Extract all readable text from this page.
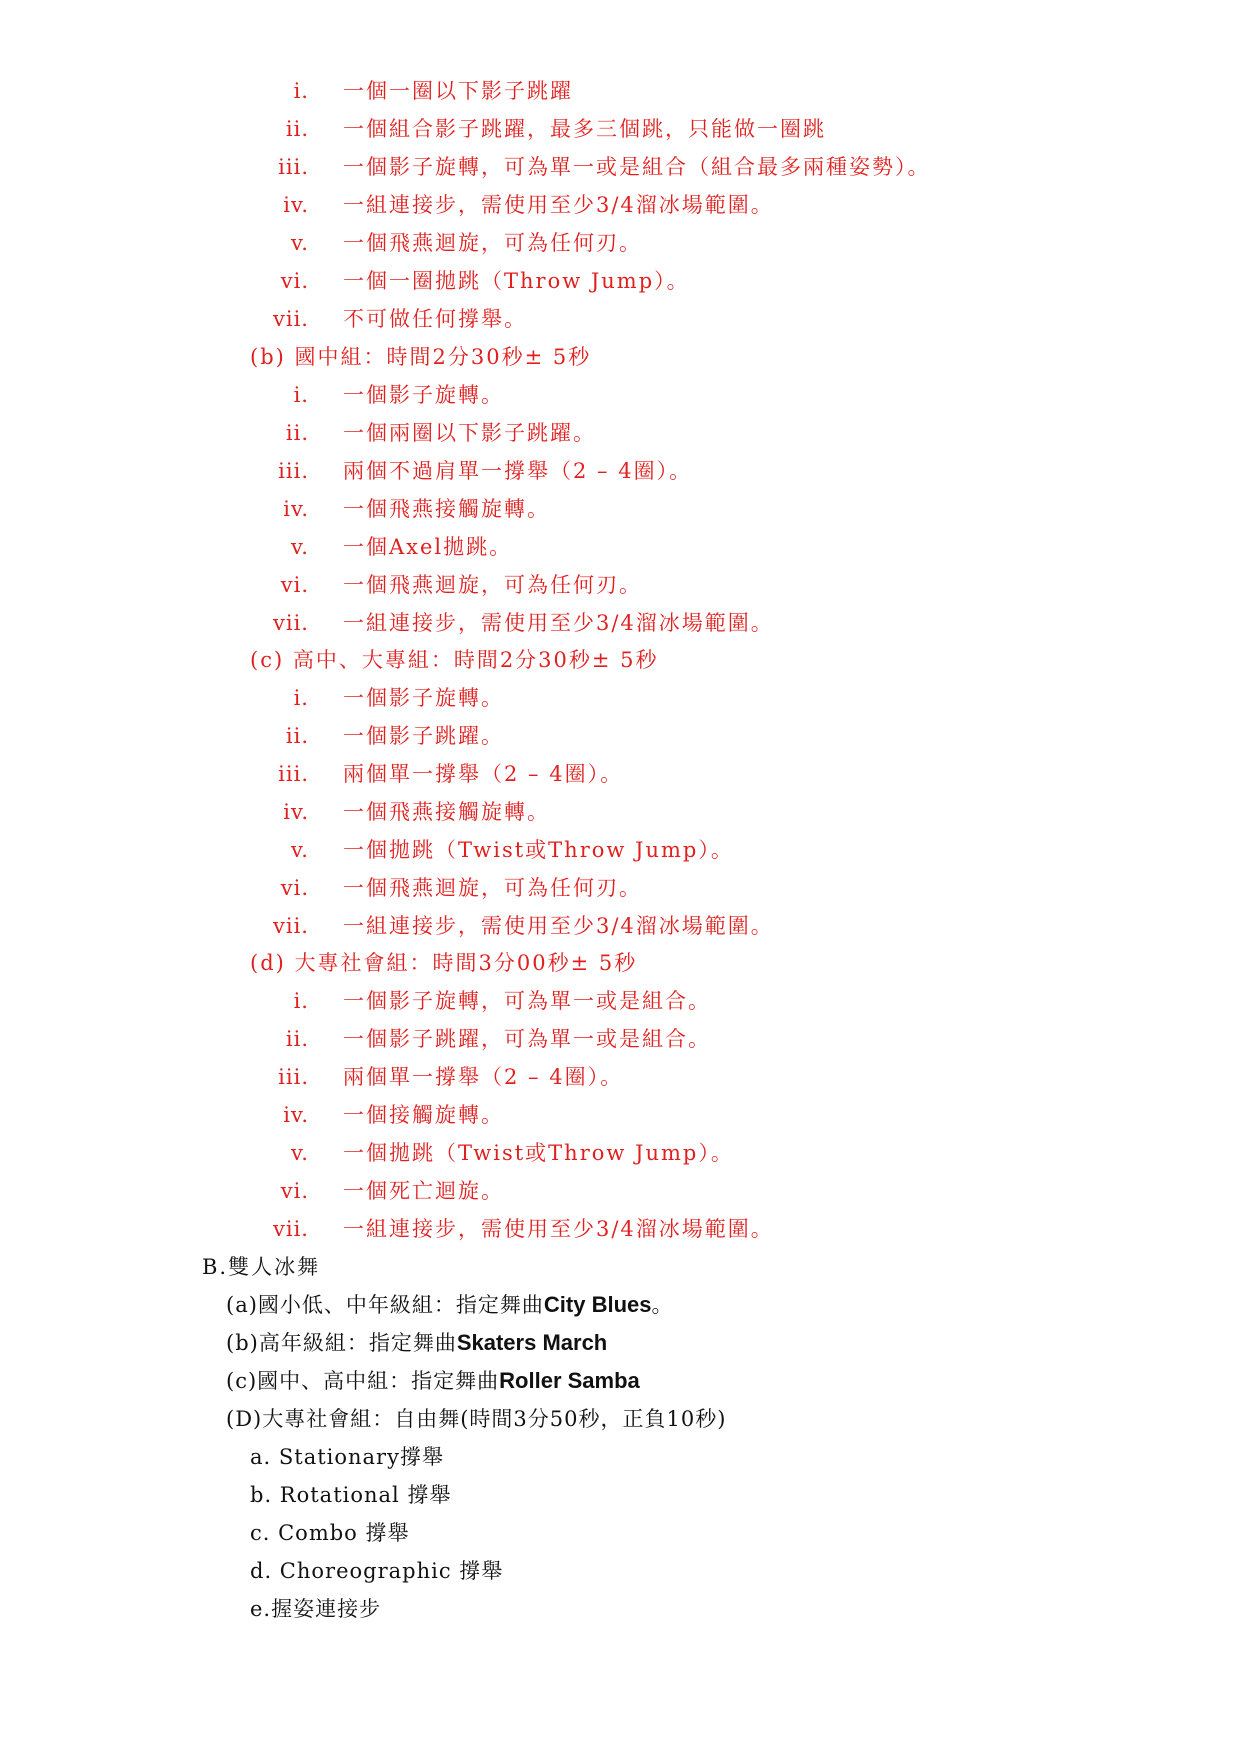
i. 一個一圈以下影子跳躍
ii. 一個組合影子跳躍，最多三個跳，只能做一圈跳
iii. 一個影子旋轉，可為單一或是組合（組合最多兩種姿勢）。
iv. 一組連接步，需使用至少3/4溜冰場範圍。
v. 一個飛燕迴旋，可為任何刃。
vi. 一個一圈拋跳（Throw Jump）。
vii. 不可做任何撐舉。
(b) 國中組：時間2分30秒± 5秒
i. 一個影子旋轉。
ii. 一個兩圈以下影子跳躍。
iii. 兩個不過肩單一撐舉（2 – 4圈）。
iv. 一個飛燕接觸旋轉。
v. 一個Axel拋跳。
vi. 一個飛燕迴旋，可為任何刃。
vii. 一組連接步，需使用至少3/4溜冰場範圍。
(c) 高中、大專組：時間2分30秒± 5秒
i. 一個影子旋轉。
ii. 一個影子跳躍。
iii. 兩個單一撐舉（2 – 4圈）。
iv. 一個飛燕接觸旋轉。
v. 一個拋跳（Twist或Throw Jump）。
vi. 一個飛燕迴旋，可為任何刃。
vii. 一組連接步，需使用至少3/4溜冰場範圍。
(d) 大專社會組：時間3分00秒± 5秒
i. 一個影子旋轉，可為單一或是組合。
ii. 一個影子跳躍，可為單一或是組合。
iii. 兩個單一撐舉（2 – 4圈）。
iv. 一個接觸旋轉。
v. 一個拋跳（Twist或Throw Jump）。
vi. 一個死亡迴旋。
vii. 一組連接步，需使用至少3/4溜冰場範圍。
B.雙人冰舞
(a)國小低、中年級組：指定舞曲City Blues。
(b)高年級組：指定舞曲Skaters March
(c)國中、高中組：指定舞曲Roller Samba
(D)大專社會組：自由舞(時間3分50秒，正負10秒)
a. Stationary撐舉
b. Rotational 撐舉
c. Combo 撐舉
d. Choreographic 撐舉
e.握姿連接步
